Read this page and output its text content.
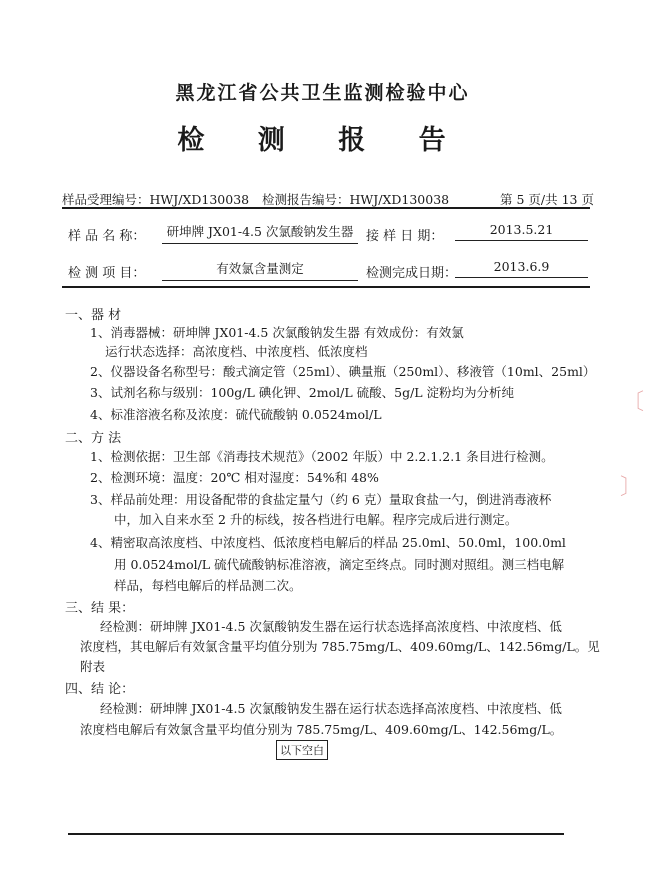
黑龙江省公共卫生监测检验中心
检 测 报 告
样品受理编号：HWJ/XD130038 检测报告编号：HWJ/XD130038	第 5 页/共 13 页
样 品 名 称：	研坤牌 JX01-4.5 次氯酸钠发生器 接 样 日 期：	2013.5.21
检 测 项 目：	有效氯含量测定	检测完成日期：	2013.6.9
一、器 材
1、消毒器械：研坤牌 JX01-4.5 次氯酸钠发生器 有效成份：有效氯
运行状态选择：高浓度档、中浓度档、低浓度档
2、仪器设备名称型号：酸式滴定管（25ml）、碘量瓶（250ml）、移液管（10ml、25ml）
3、试剂名称与级别：100g/L 碘化钾、2mol/L 硫酸、5g/L 淀粉均为分析纯
4、标准溶液名称及浓度：硫代硫酸钠 0.0524mol/L
二、方 法
1、检测依据：卫生部《消毒技术规范》（2002 年版）中 2.2.1.2.1 条目进行检测。
2、检测环境：温度：20℃ 相对湿度：54%和 48%
3、样品前处理：用设备配带的食盐定量勺（约 6 克）量取食盐一勺，倒进消毒液杯
中，加入自来水至 2 升的标线，按各档进行电解。程序完成后进行测定。
4、精密取高浓度档、中浓度档、低浓度档电解后的样品 25.0ml、50.0ml，100.0ml
用 0.0524mol/L 硫代硫酸钠标准溶液，滴定至终点。同时测对照组。测三档电解
样品，每档电解后的样品测二次。
三、结 果：
经检测：研坤牌 JX01-4.5 次氯酸钠发生器在运行状态选择高浓度档、中浓度档、低
浓度档，其电解后有效氯含量平均值分别为 785.75mg/L、409.60mg/L、142.56mg/L。见
附表
四、结 论：
经检测：研坤牌 JX01-4.5 次氯酸钠发生器在运行状态选择高浓度档、中浓度档、低
浓度档电解后有效氯含量平均值分别为 785.75mg/L、409.60mg/L、142.56mg/L。
以下空白
〔
〕
